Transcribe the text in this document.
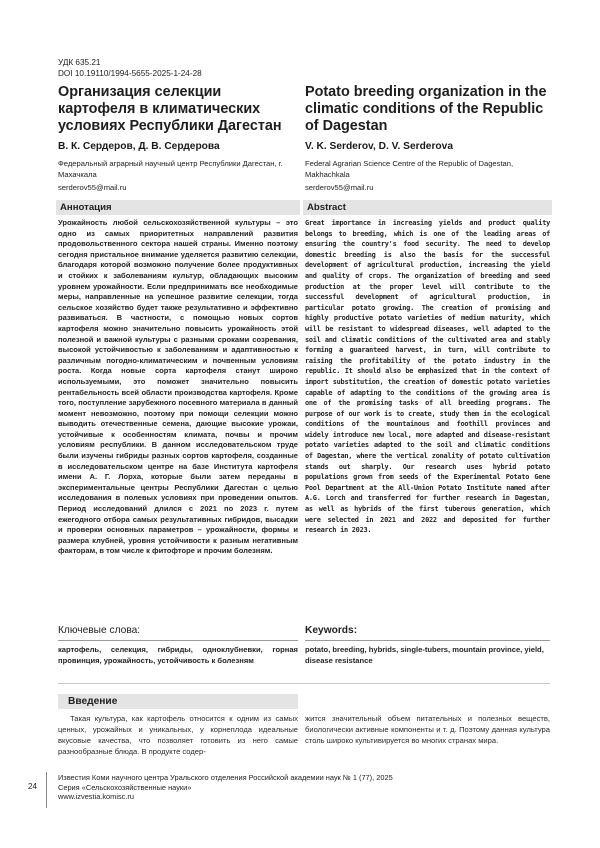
УДК 635.21
DOI 10.19110/1994-5655-2025-1-24-28
Организация селекции картофеля в климатических условиях Республики Дагестан
Potato breeding organization in the climatic conditions of the Republic of Dagestan
В. К. Сердеров, Д. В. Сердерова	V. K. Serderov, D. V. Serderova
Федеральный аграрный научный центр Республики Дагестан, г. Махачкала
Federal Agrarian Science Centre of the Republic of Dagestan, Makhachkala
serderov55@mail.ru	serderov55@mail.ru
Аннотация	Abstract
Урожайность любой сельскохозяйственной культуры – это одно из самых приоритетных направлений развития продовольственного сектора нашей страны. Именно поэтому сегодня пристальное внимание уделяется развитию селекции, благодаря которой возможно получение более продуктивных и стойких к заболеваниям культур, обладающих высоким уровнем урожайности. Если предпринимать все необходимые меры, направленные на успешное развитие селекции, тогда сельское хозяйство будет также результативно и эффективно развиваться. В частности, с помощью новых сортов картофеля можно значительно повысить урожайность этой полезной и важной культуры с разными сроками созревания, высокой устойчивостью к заболеваниям и адаптивностью к различным погодно-климатическим и почвенным условиям роста. Когда новые сорта картофеля станут широко используемыми, это поможет значительно повысить рентабельность всей области производства картофеля. Кроме того, поступление зарубежного посевного материала в данный момент невозможно, поэтому при помощи селекции можно выводить отечественные семена, дающие высокие урожаи, устойчивые к особенностям климата, почвы и прочим условиям республики. В данном исследовательском труде были изучены гибриды разных сортов картофеля, созданные в исследовательском центре на базе Института картофеля имени А. Г. Лорха, которые были затем переданы в экспериментальные центры Республики Дагестан с целью исследования в полевых условиях при проведении опытов. Период исследований длился с 2021 по 2023 г. путем ежегодного отбора самых результативных гибридов, высадки и проверки основных параметров – урожайности, формы и размера клубней, уровня устойчивости к разным негативным факторам, в том числе к фитофторе и прочим болезням.
Great importance in increasing yields and product quality belongs to breeding, which is one of the leading areas of ensuring the country's food security. The need to develop domestic breeding is also the basis for the successful development of agricultural production, increasing the yield and quality of crops. The organization of breeding and seed production at the proper level will contribute to the successful development of agricultural production, in particular potato growing. The creation of promising and highly productive potato varieties of medium maturity, which will be resistant to widespread diseases, well adapted to the soil and climatic conditions of the cultivated area and stably forming a guaranteed harvest, in turn, will contribute to raising the profitability of the potato industry in the republic. It should also be emphasized that in the context of import substitution, the creation of domestic potato varieties capable of adapting to the conditions of the growing area is one of the promising tasks of all breeding programs. The purpose of our work is to create, study them in the ecological conditions of the mountainous and foothill provinces and widely introduce new local, more adapted and disease-resistant potato varieties adapted to the soil and climatic conditions of Dagestan, where the vertical zonality of potato cultivation stands out sharply. Our research uses hybrid potato populations grown from seeds of the Experimental Potato Gene Pool Department at the All-Union Potato Institute named after A.G. Lorch and transferred for further research in Dagestan, as well as hybrids of the first tuberous generation, which were selected in 2021 and 2022 and deposited for further research in 2023.
Ключевые слова:	Keywords:
картофель, селекция, гибриды, одноклубневки, горная провинция, урожайность, устойчивость к болезням
potato, breeding, hybrids, single-tubers, mountain province, yield, disease resistance
Введение
Такая культура, как картофель относится к одним из самых ценных, урожайных и уникальных, у корнеплода идеальные вкусовые качества, что позволяет готовить из него самые разнообразные блюда. В продукте содер-
жится значительный объем питательных и полезных веществ, биологически активные компоненты и т. д. Поэтому данная культура столь широко культивируется во многих странах мира.
24
Известия Коми научного центра Уральского отделения Российской академии наук № 1 (77), 2025
Серия «Сельскохозяйственные науки»
www.izvestia.komisc.ru
